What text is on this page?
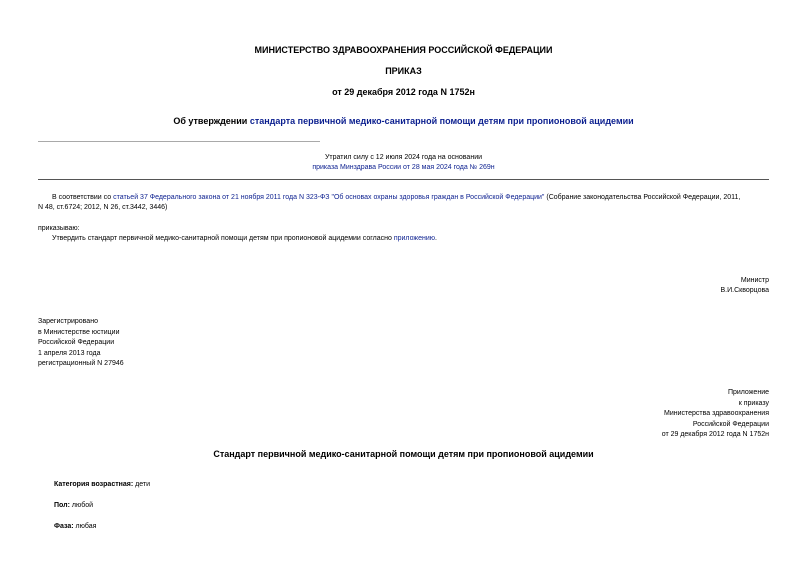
МИНИСТЕРСТВО ЗДРАВООХРАНЕНИЯ РОССИЙСКОЙ ФЕДЕРАЦИИ
ПРИКАЗ
от 29 декабря 2012 года N 1752н
Об утверждении стандарта первичной медико-санитарной помощи детям при пропионовой ацидемии
Утратил силу с 12 июля 2024 года на основании
приказа Минздрава России от 28 мая 2024 года № 269н
В соответствии со статьей 37 Федерального закона от 21 ноября 2011 года N 323-ФЗ "Об основах охраны здоровья граждан в Российской Федерации" (Собрание законодательства Российской Федерации, 2011,
N 48, ст.6724; 2012, N 26, ст.3442, 3446)
приказываю:
Утвердить стандарт первичной медико-санитарной помощи детям при пропионовой ацидемии согласно приложению.
Министр
В.И.Скворцова
Зарегистрировано
в Министерстве юстиции
Российской Федерации
1 апреля 2013 года
регистрационный N 27946
Приложение
к приказу
Министерства здравоохранения
Российской Федерации
от 29 декабря 2012 года N 1752н
Стандарт первичной медико-санитарной помощи детям при пропионовой ацидемии
Категория возрастная: дети
Пол: любой
Фаза: любая
